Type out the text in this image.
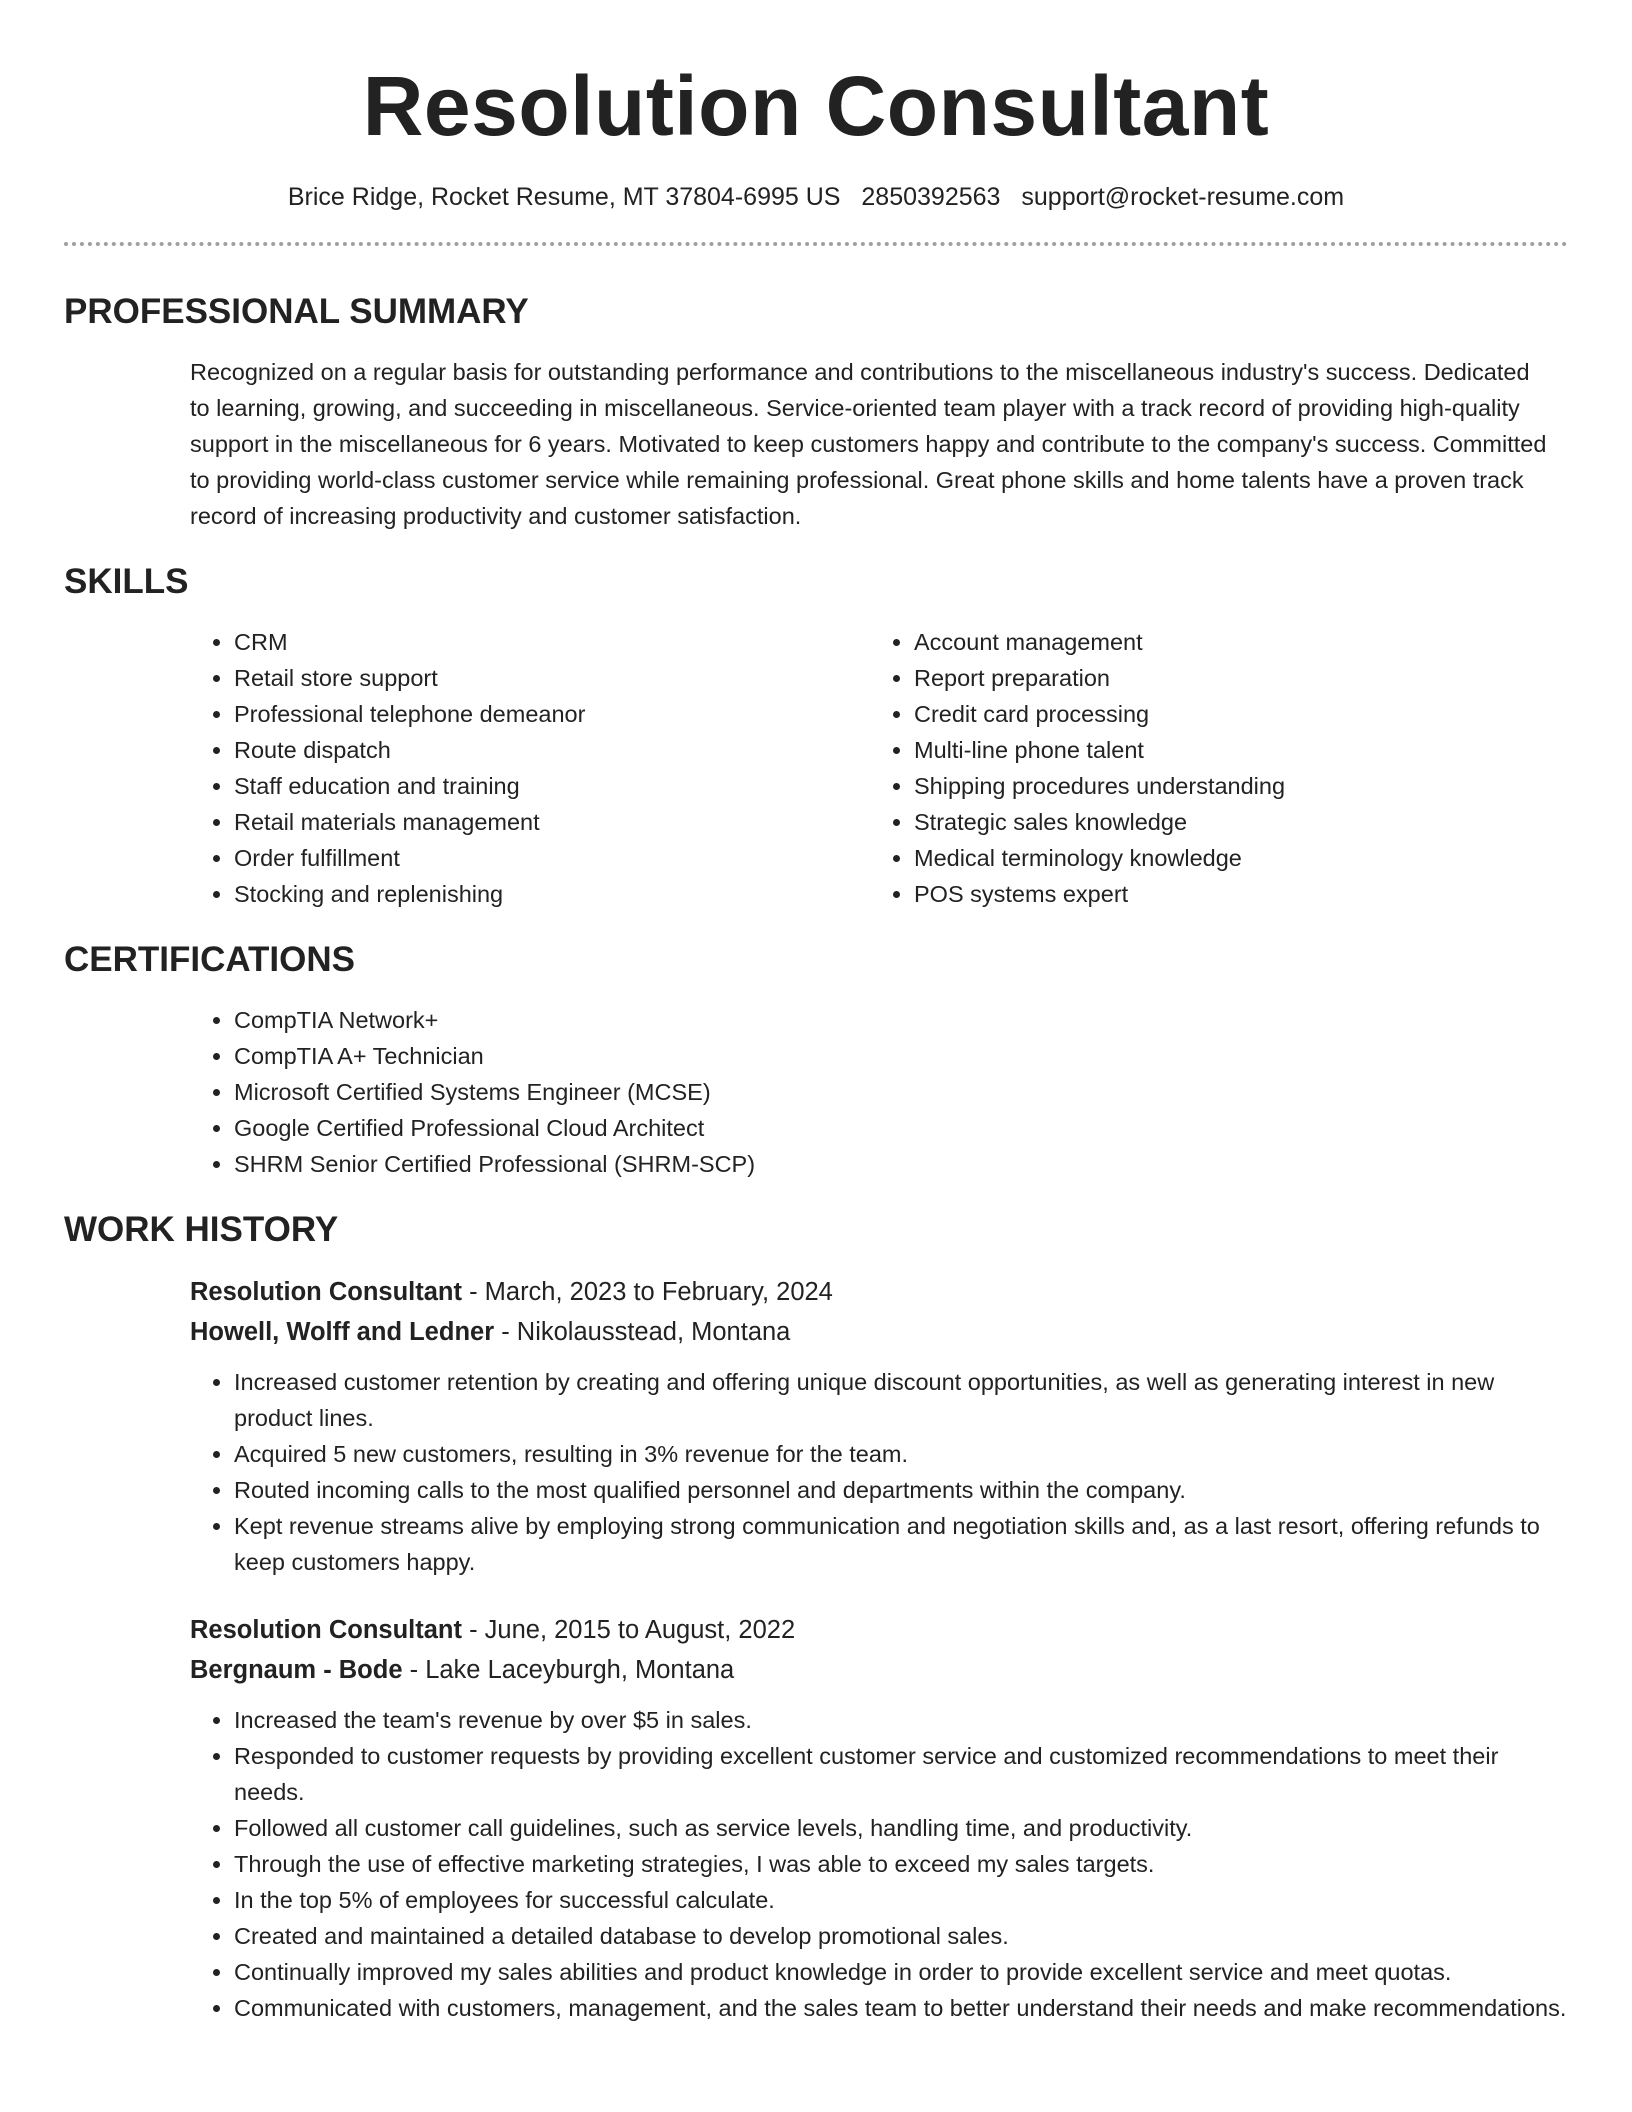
Resolution Consultant
Brice Ridge, Rocket Resume, MT 37804-6995 US 2850392563 support@rocket-resume.com
PROFESSIONAL SUMMARY

Recognized on a regular basis for outstanding performance and contributions to the miscellaneous industry's success. Dedicated to learning, growing, and succeeding in miscellaneous. Service-oriented team player with a track record of providing high-quality support in the miscellaneous for 6 years. Motivated to keep customers happy and contribute to the company's success. Committed to providing world-class customer service while remaining professional. Great phone skills and home talents have a proven track record of increasing productivity and customer satisfaction.

SKILLS
• CRM
• Retail store support
• Professional telephone demeanor
• Route dispatch
• Staff education and training
• Retail materials management
• Order fulfillment
• Stocking and replenishing
• Account management
• Report preparation
• Credit card processing
• Multi-line phone talent
• Shipping procedures understanding
• Strategic sales knowledge
• Medical terminology knowledge
• POS systems expert
CERTIFICATIONS
• CompTIA Network+
• CompTIA A+ Technician
• Microsoft Certified Systems Engineer (MCSE)
• Google Certified Professional Cloud Architect
• SHRM Senior Certified Professional (SHRM-SCP)
WORK HISTORY

Resolution Consultant - March, 2023 to February, 2024

Howell, Wolff and Ledner - Nikolausstead, Montana

• Increased customer retention by creating and offering unique discount opportunities, as well as generating interest in new product lines.
• Acquired 5 new customers, resulting in 3% revenue for the team.
• Routed incoming calls to the most qualified personnel and departments within the company.
• Kept revenue streams alive by employing strong communication and negotiation skills and, as a last resort, offering refunds to keep customers happy.

Resolution Consultant - June, 2015 to August, 2022

Bergnaum - Bode - Lake Laceyburgh, Montana

• Increased the team's revenue by over $5 in sales.
• Responded to customer requests by providing excellent customer service and customized recommendations to meet their needs.
• Followed all customer call guidelines, such as service levels, handling time, and productivity.
• Through the use of effective marketing strategies, I was able to exceed my sales targets.
• In the top 5% of employees for successful calculate.
• Created and maintained a detailed database to develop promotional sales.
• Continually improved my sales abilities and product knowledge in order to provide excellent service and meet quotas.
• Communicated with customers, management, and the sales team to better understand their needs and make recommendations.
